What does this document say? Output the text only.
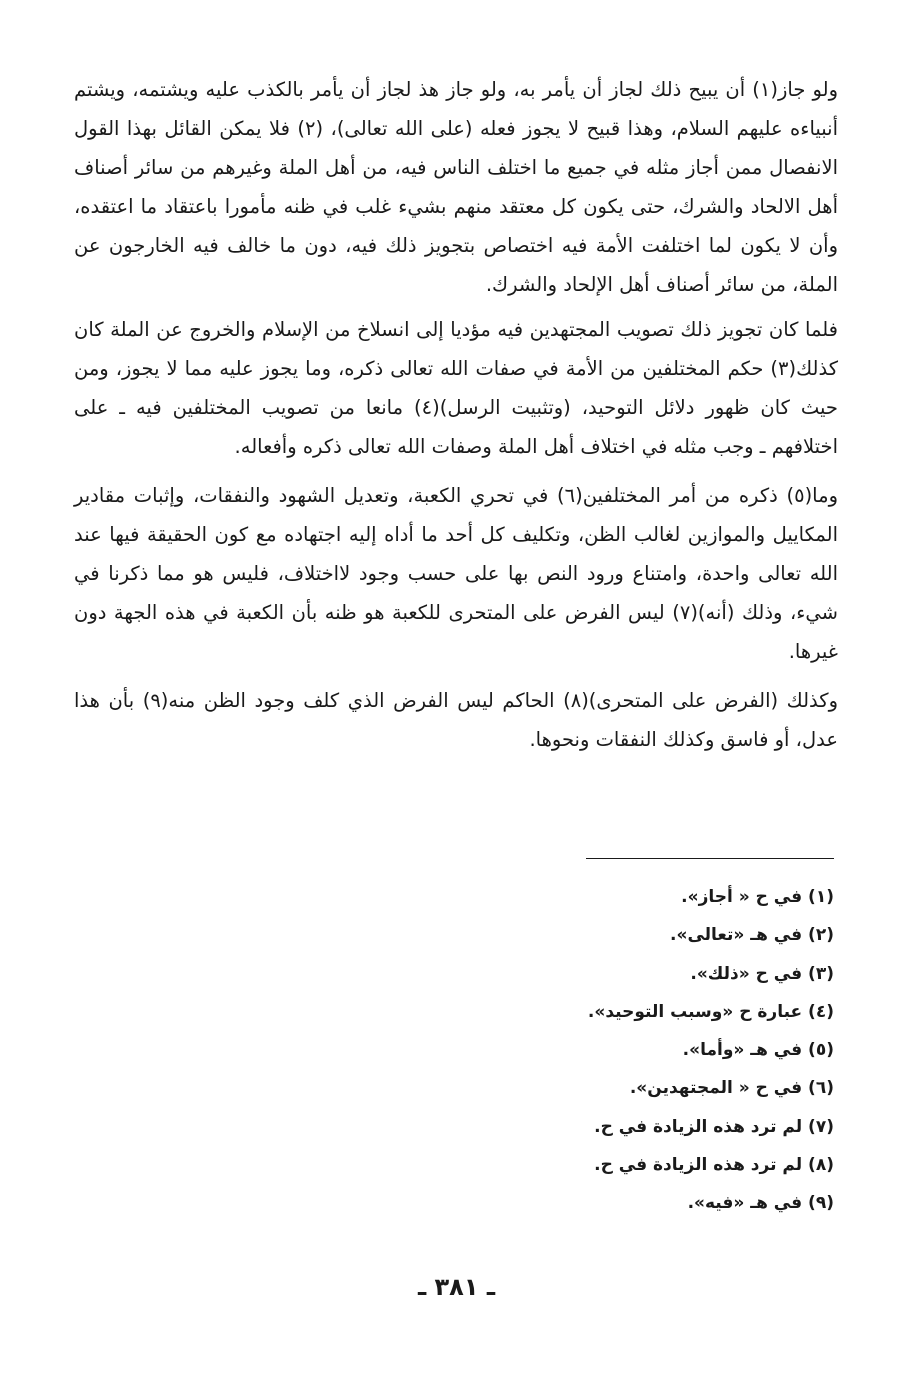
ولو جاز(١) أن يبيح ذلك لجاز أن يأمر به، ولو جاز هذ لجاز أن يأمر بالكذب عليه ويشتمه، ويشتم أنبياءه عليهم السلام، وهذا قبيح لا يجوز فعله (على الله تعالى)، (٢) فلا يمكن القائل بهذا القول الانفصال ممن أجاز مثله في جميع ما اختلف الناس فيه، من أهل الملة وغيرهم من سائر أصناف أهل الالحاد والشرك، حتى يكون كل معتقد منهم بشيء غلب في ظنه مأمورا باعتقاد ما اعتقده، وأن لا يكون لما اختلفت الأمة فيه اختصاص بتجويز ذلك فيه، دون ما خالف فيه الخارجون عن الملة، من سائر أصناف أهل الإلحاد والشرك.

فلما كان تجويز ذلك تصويب المجتهدين فيه مؤديا إلى انسلاخ من الإسلام والخروج عن الملة كان كذلك(٣) حكم المختلفين من الأمة في صفات الله تعالى ذكره، وما يجوز عليه مما لا يجوز، ومن حيث كان ظهور دلائل التوحيد، (وتثبيت الرسل)(٤) مانعا من تصويب المختلفين فيه ـ على اختلافهم ـ وجب مثله في اختلاف أهل الملة وصفات الله تعالى ذكره وأفعاله.

وما(٥) ذكره من أمر المختلفين(٦) في تحري الكعبة، وتعديل الشهود والنفقات، وإثبات مقادير المكاييل والموازين لغالب الظن، وتكليف كل أحد ما أداه إليه اجتهاده مع كون الحقيقة فيها عند الله تعالى واحدة، وامتناع ورود النص بها على حسب وجود لااختلاف، فليس هو مما ذكرنا في شيء، وذلك (أنه)(٧) ليس الفرض على المتحرى للكعبة هو ظنه بأن الكعبة في هذه الجهة دون غيرها.

وكذلك (الفرض على المتحرى)(٨) الحاكم ليس الفرض الذي كلف وجود الظن منه(٩) بأن هذا عدل، أو فاسق وكذلك النفقات ونحوها.

(١) في ح « أجاز».
(٢) في هـ «تعالى».
(٣) في ح «ذلك».
(٤) عبارة ح «وسبب التوحيد».
(٥) في هـ «وأما».
(٦) في ح « المجتهدين».
(٧) لم ترد هذه الزيادة في ح.
(٨) لم ترد هذه الزيادة في ح.
(٩) في هـ «فيه».
ـ ٣٨١ ـ
